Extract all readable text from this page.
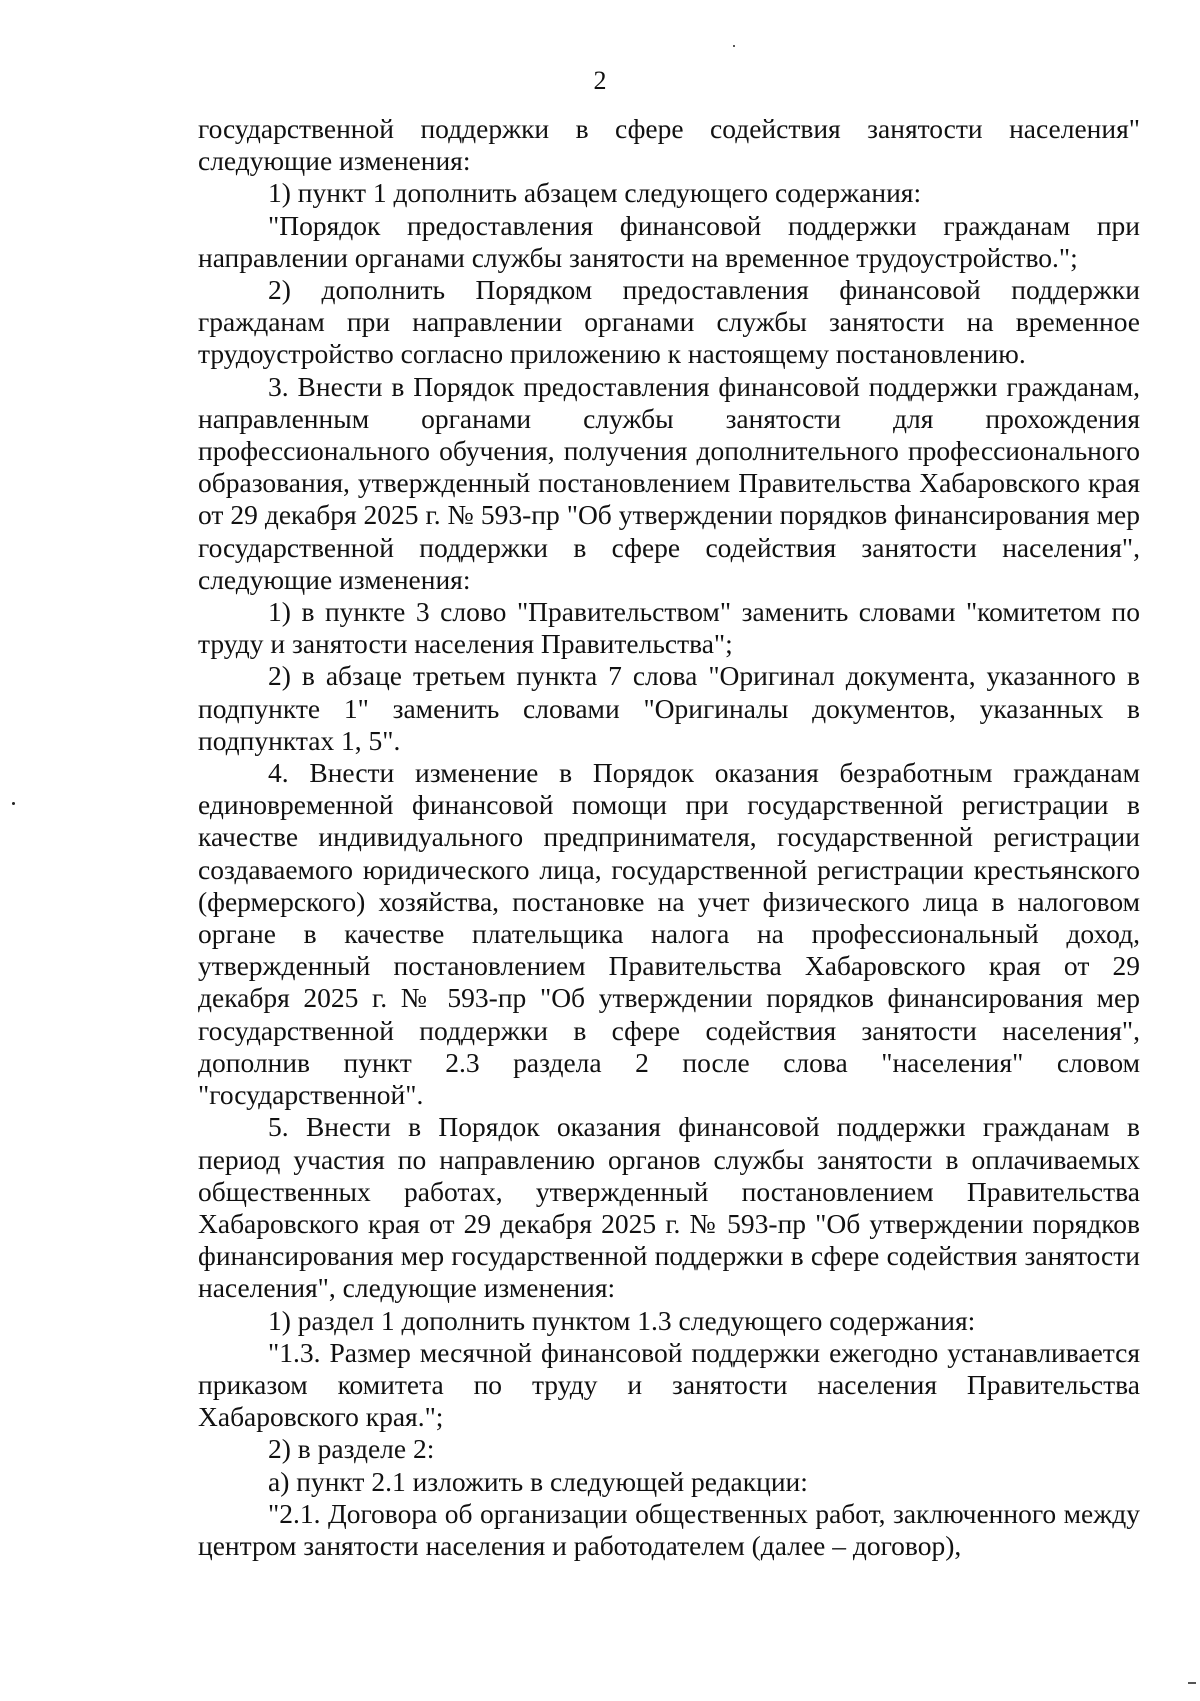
2

государственной поддержки в сфере содействия занятости населения" следующие изменения:

1) пункт 1 дополнить абзацем следующего содержания:

"Порядок предоставления финансовой поддержки гражданам при направлении органами службы занятости на временное трудоустройство.";

2) дополнить Порядком предоставления финансовой поддержки гражданам при направлении органами службы занятости на временное трудоустройство согласно приложению к настоящему постановлению.

3. Внести в Порядок предоставления финансовой поддержки гражданам, направленным органами службы занятости для прохождения профессионального обучения, получения дополнительного профессионального образования, утвержденный постановлением Правительства Хабаровского края от 29 декабря 2025 г. № 593-пр "Об утверждении порядков финансирования мер государственной поддержки в сфере содействия занятости населения", следующие изменения:

1) в пункте 3 слово "Правительством" заменить словами "комитетом по труду и занятости населения Правительства";

2) в абзаце третьем пункта 7 слова "Оригинал документа, указанного в подпункте 1" заменить словами "Оригиналы документов, указанных в подпунктах 1, 5".

4. Внести изменение в Порядок оказания безработным гражданам единовременной финансовой помощи при государственной регистрации в качестве индивидуального предпринимателя, государственной регистрации создаваемого юридического лица, государственной регистрации крестьянского (фермерского) хозяйства, постановке на учет физического лица в налоговом органе в качестве плательщика налога на профессиональный доход, утвержденный постановлением Правительства Хабаровского края от 29 декабря 2025 г. № 593-пр "Об утверждении порядков финансирования мер государственной поддержки в сфере содействия занятости населения", дополнив пункт 2.3 раздела 2 после слова "населения" словом "государственной".

5. Внести в Порядок оказания финансовой поддержки гражданам в период участия по направлению органов службы занятости в оплачиваемых общественных работах, утвержденный постановлением Правительства Хабаровского края от 29 декабря 2025 г. № 593-пр "Об утверждении порядков финансирования мер государственной поддержки в сфере содействия занятости населения", следующие изменения:

1) раздел 1 дополнить пунктом 1.3 следующего содержания:

"1.3. Размер месячной финансовой поддержки ежегодно устанавливается приказом комитета по труду и занятости населения Правительства Хабаровского края.";

2) в разделе 2:

а) пункт 2.1 изложить в следующей редакции:

"2.1. Договора об организации общественных работ, заключенного между центром занятости населения и работодателем (далее – договор),
